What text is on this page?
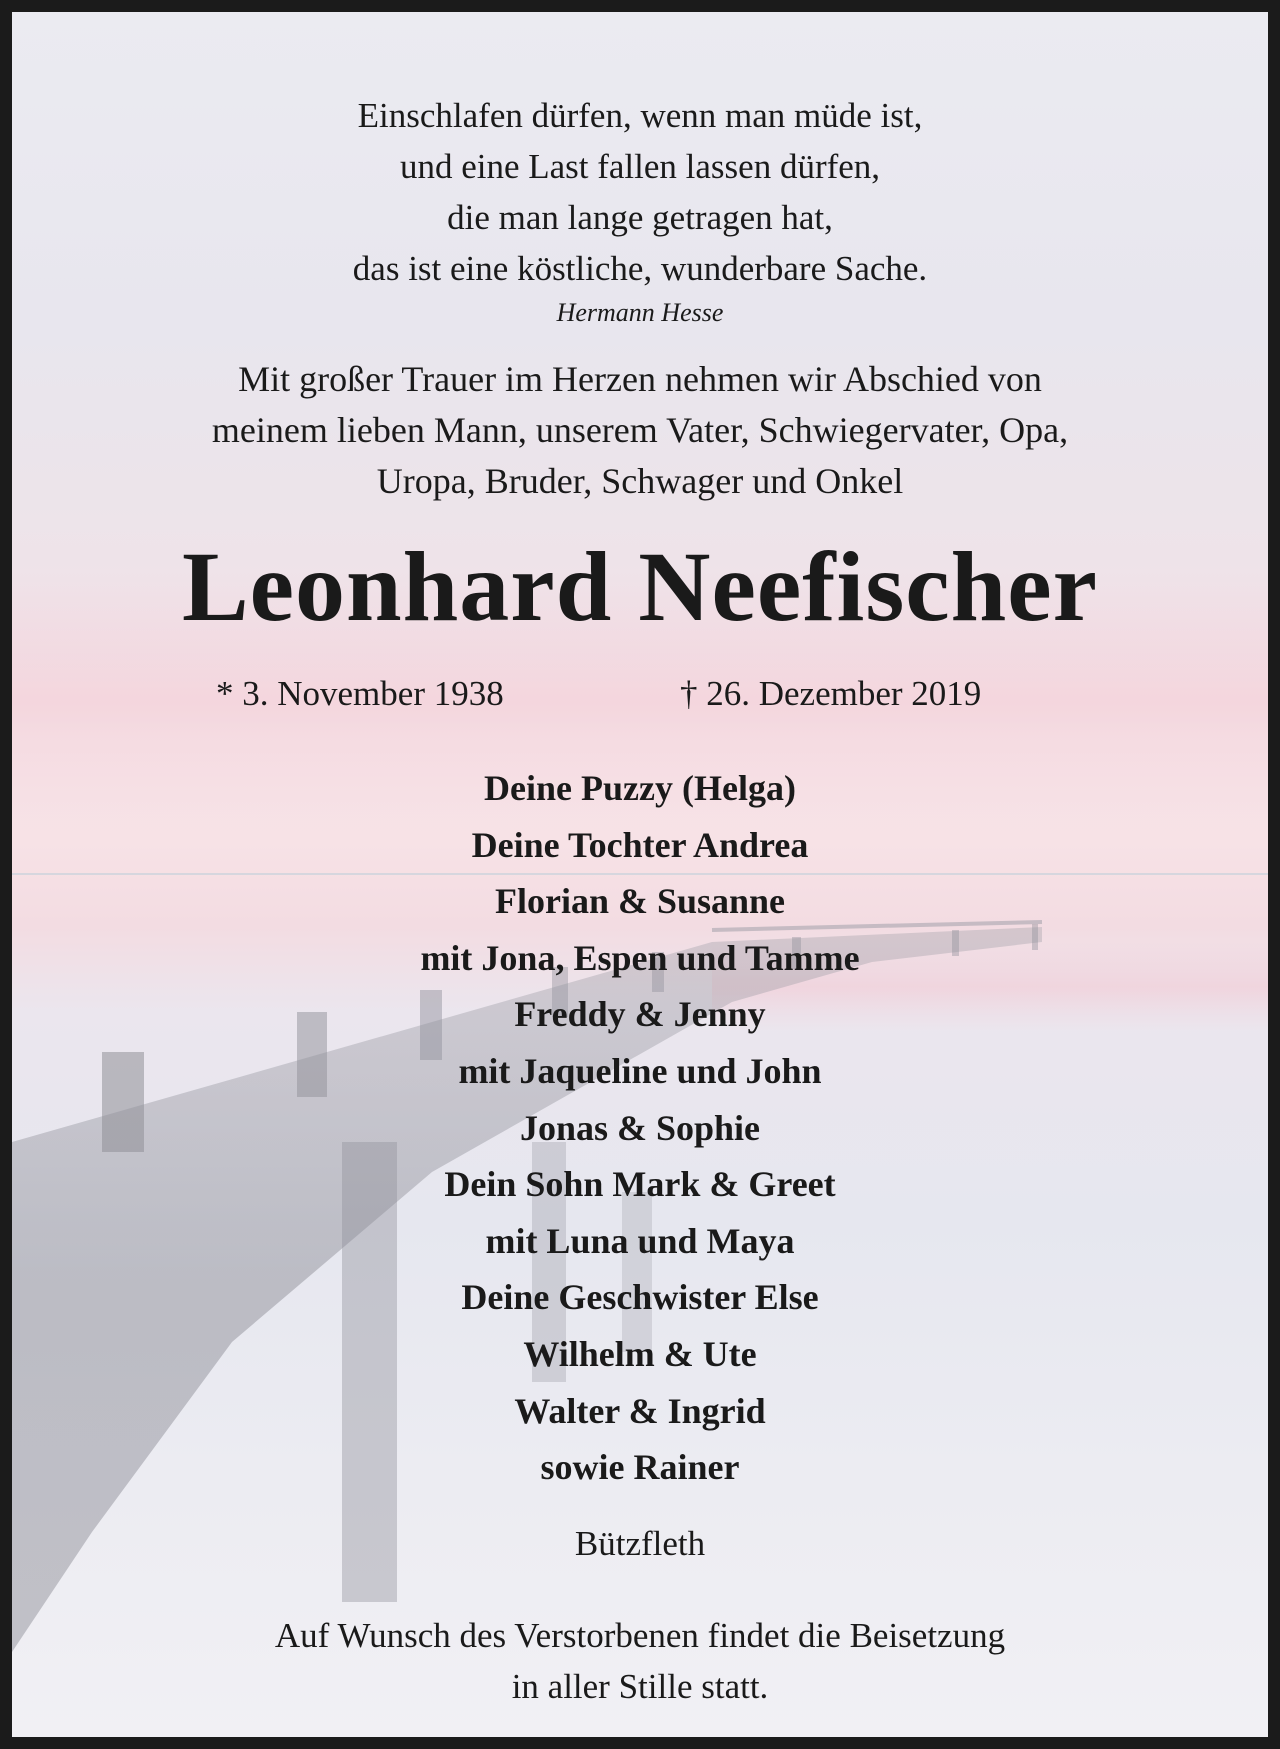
Einschlafen dürfen, wenn man müde ist,
und eine Last fallen lassen dürfen,
die man lange getragen hat,
das ist eine köstliche, wunderbare Sache.
Hermann Hesse
Mit großer Trauer im Herzen nehmen wir Abschied von
meinem lieben Mann, unserem Vater, Schwiegervater, Opa,
Uropa, Bruder, Schwager und Onkel
Leonhard Neefischer
* 3. November 1938	† 26. Dezember 2019
Deine Puzzy (Helga)
Deine Tochter Andrea
Florian & Susanne
mit Jona, Espen und Tamme
Freddy & Jenny
mit Jaqueline und John
Jonas & Sophie
Dein Sohn Mark & Greet
mit Luna und Maya
Deine Geschwister Else
Wilhelm & Ute
Walter & Ingrid
sowie Rainer
Bützfleth
Auf Wunsch des Verstorbenen findet die Beisetzung
in aller Stille statt.
